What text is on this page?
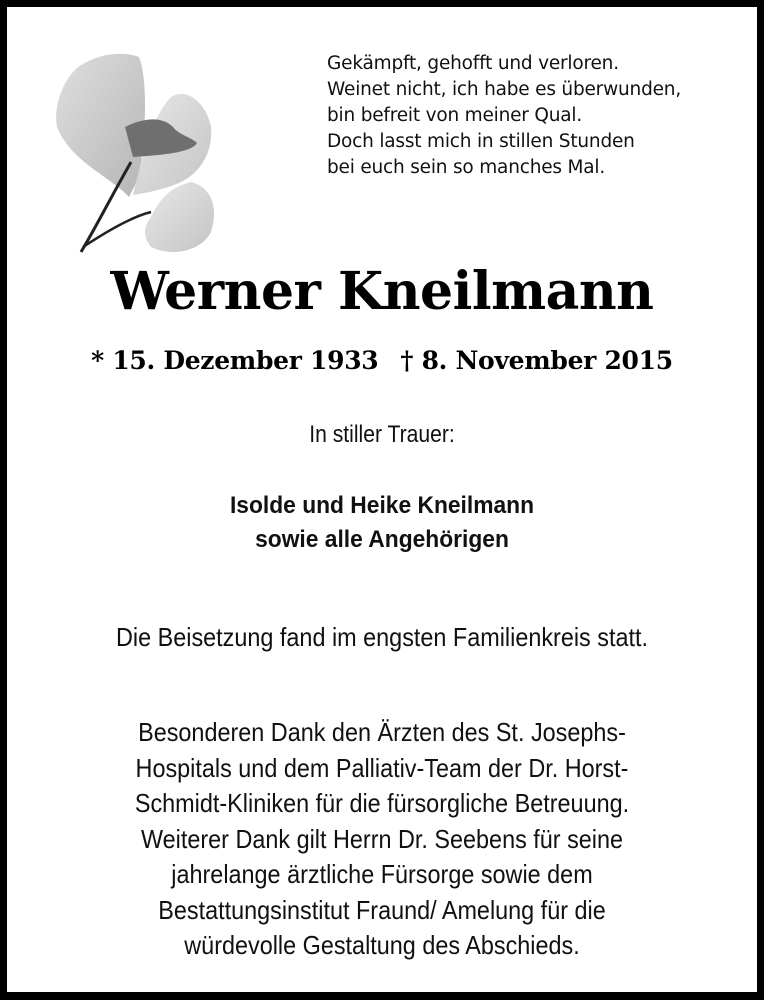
Gekämpft, gehofft und verloren.
Weinet nicht, ich habe es überwunden,
bin befreit von meiner Qual.
Doch lasst mich in stillen Stunden
bei euch sein so manches Mal.
Werner Kneilmann
* 15. Dezember 1933 † 8. November 2015
In stiller Trauer:
Isolde und Heike Kneilmann
sowie alle Angehörigen
Die Beisetzung fand im engsten Familienkreis statt.
Besonderen Dank den Ärzten des St. Josephs-
Hospitals und dem Palliativ-Team der Dr. Horst-
Schmidt-Kliniken für die fürsorgliche Betreuung.
Weiterer Dank gilt Herrn Dr. Seebens für seine
jahrelange ärztliche Fürsorge sowie dem
Bestattungsinstitut Fraund/ Amelung für die
würdevolle Gestaltung des Abschieds.
